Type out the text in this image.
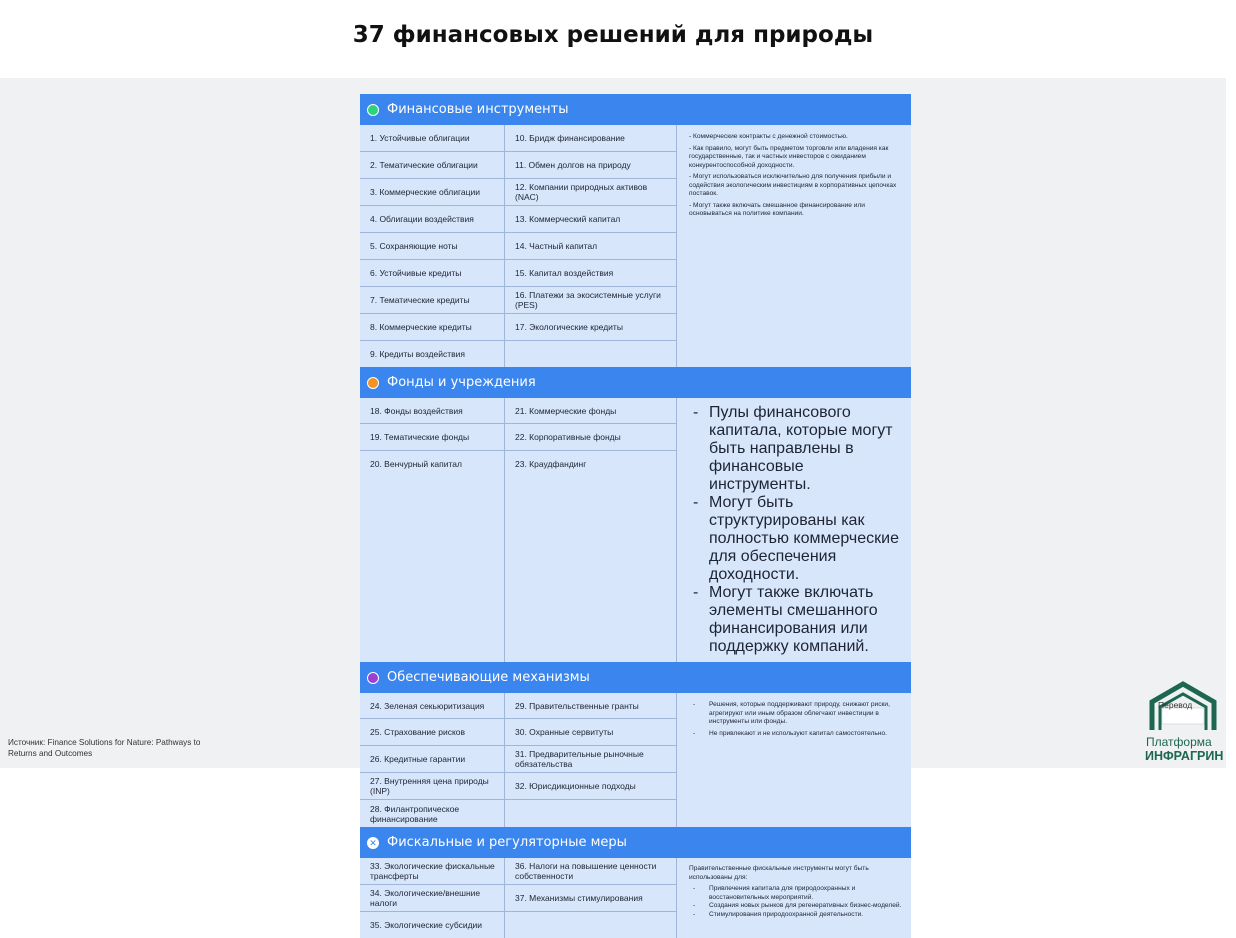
37 финансовых решений для природы
Финансовые инструменты
1. Устойчивые облигации
2. Тематические облигации
3. Коммерческие облигации
4. Облигации воздействия
5. Сохраняющие ноты
6. Устойчивые кредиты
7. Тематические кредиты
8. Коммерческие кредиты
9. Кредиты воздействия
10. Бридж финансирование
11. Обмен долгов на природу
12. Компании природных активов (NAC)
13. Коммерческий капитал
14. Частный капитал
15. Капитал воздействия
16. Платежи за экосистемные услуги (PES)
17. Экологические кредиты

- Коммерческие контракты с денежной стоимостью.

- Как правило, могут быть предметом торговли или владения как государственные, так и частных инвесторов с ожиданием конкурентоспособной доходности.

- Могут использоваться исключительно для получения прибыли и содействия экологическим инвестициям в корпоративных цепочках поставок.

- Могут также включать смешанное финансирование или основываться на политике компании.

Фонды и учреждения
18. Фонды воздействия
19. Тематические фонды
20. Венчурный капитал
21. Коммерческие фонды
22. Корпоративные фонды
23. Краудфандинг
- Пулы финансового капитала, которые могут быть направлены в финансовые инструменты.
- Могут быть структурированы как полностью коммерческие для обеспечения доходности.
- Могут также включать элементы смешанного финансирования или поддержку компаний.
Обеспечивающие механизмы
24. Зеленая секьюритизация
25. Страхование рисков
26. Кредитные гарантии
27. Внутренняя цена природы (INP)
28. Филантропическое финансирование
29. Правительственные гранты
30. Охранные сервитуты
31. Предварительные рыночные обязательства
32. Юрисдикционные подходы
- Решения, которые поддерживают природу, снижают риски, агрегируют или иным образом облегчают инвестиции в инструменты или фонды.
- Не привлекают и не используют капитал самостоятельно.
✕ Фискальные и регуляторные меры
33. Экологические фискальные трансферты
34. Экологические/внешние налоги
35. Экологические субсидии
36. Налоги на повышение ценности собственности
37. Механизмы стимулирования

Правительственные фискальные инструменты могут быть использованы для:

- Привлечения капитала для природоохранных и восстановительных мероприятий.
- Создания новых рынков для регенеративных бизнес-моделей.
- Стимулирования природоохранной деятельности.
Источник: Finance Solutions for Nature: Pathways to Returns and Outcomes
Перевод
Платформа
ИНФРАГРИН
